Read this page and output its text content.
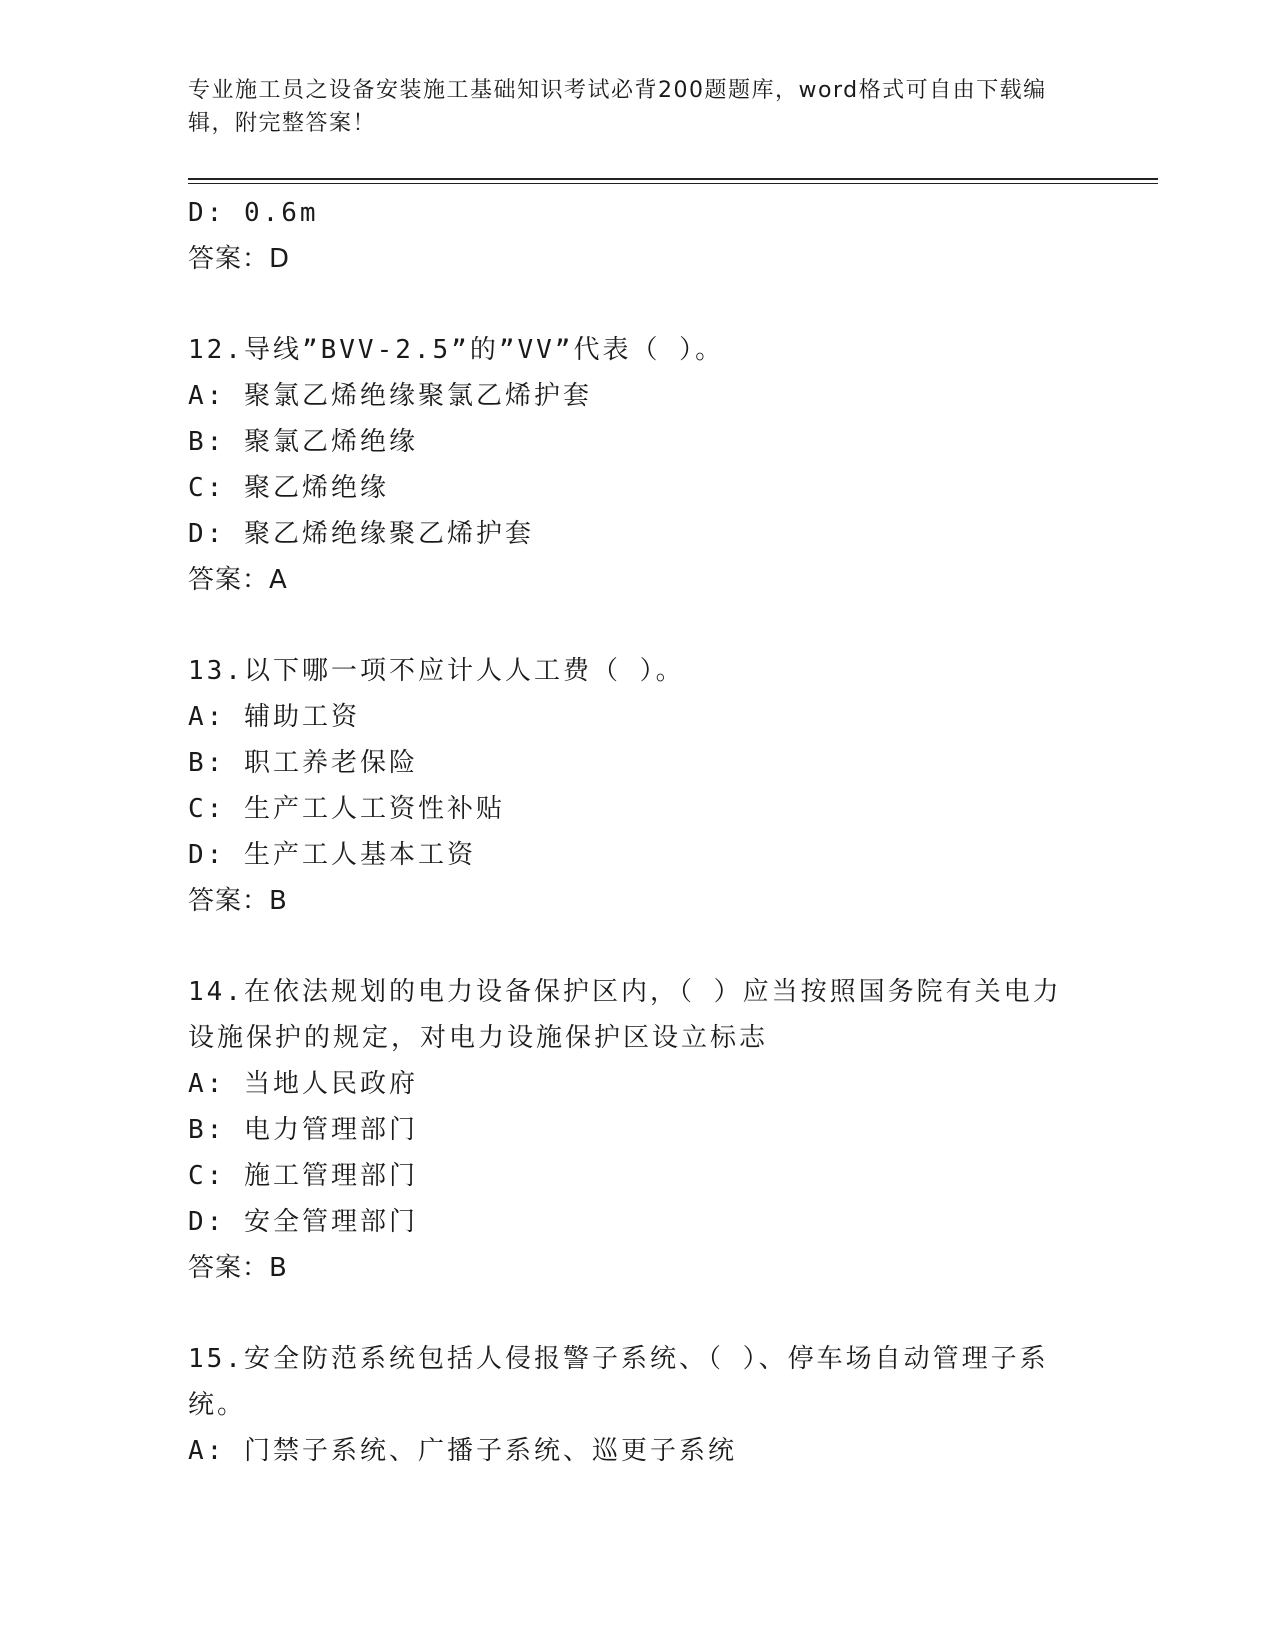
专业施工员之设备安装施工基础知识考试必背200题题库，word格式可自由下载编辑，附完整答案！
D: 0.6m
答案：D
12.导线”BVV-2.5”的”VV”代表（ ）。
A: 聚氯乙烯绝缘聚氯乙烯护套
B: 聚氯乙烯绝缘
C: 聚乙烯绝缘
D: 聚乙烯绝缘聚乙烯护套
答案：A
13.以下哪一项不应计人人工费（ ）。
A: 辅助工资
B: 职工养老保险
C: 生产工人工资性补贴
D: 生产工人基本工资
答案：B
14.在依法规划的电力设备保护区内，（ ）应当按照国务院有关电力设施保护的规定，对电力设施保护区设立标志
A: 当地人民政府
B: 电力管理部门
C: 施工管理部门
D: 安全管理部门
答案：B
15.安全防范系统包括人侵报警子系统、（ ）、停车场自动管理子系统。
A: 门禁子系统、广播子系统、巡更子系统
